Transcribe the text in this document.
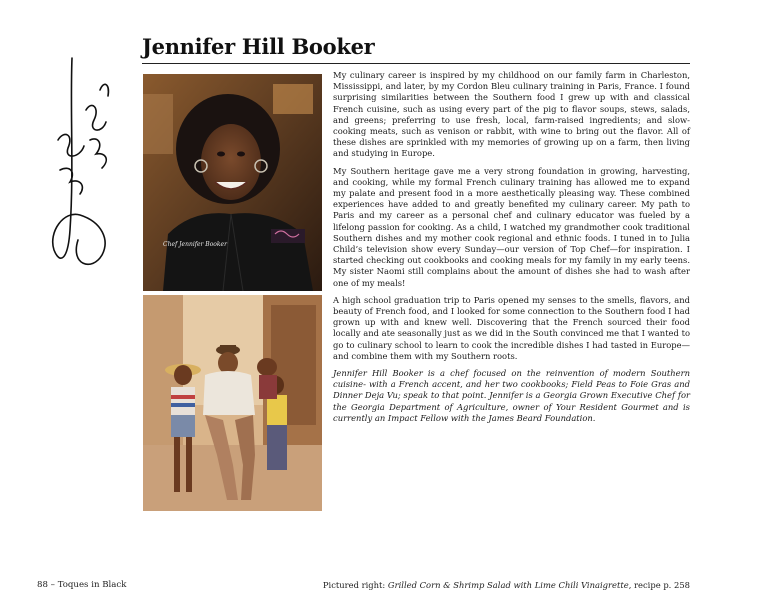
Jennifer Hill Booker
Chef Jennifer Booker

My culinary career is inspired by my childhood on our family farm in Charleston, Mississippi, and later, by my Cordon Bleu culinary training in Paris, France. I found surprising similarities between the Southern food I grew up with and classical French cuisine, such as using every part of the pig to flavor soups, stews, salads, and greens; preferring to use fresh, local, farm-raised ingredients; and slow-cooking meats, such as venison or rabbit, with wine to bring out the flavor. All of these dishes are sprinkled with my memories of growing up on a farm, then living and studying in Europe.

My Southern heritage gave me a very strong foundation in growing, harvesting, and cooking, while my formal French culinary training has allowed me to expand my palate and present food in a more aesthetically pleasing way. These combined experiences have added to and greatly benefited my culinary career. My path to Paris and my career as a personal chef and culinary educator was fueled by a lifelong passion for cooking. As a child, I watched my grandmother cook traditional Southern dishes and my mother cook regional and ethnic foods. I tuned in to Julia Child’s television show every Sunday—our version of Top Chef—for inspiration. I started checking out cookbooks and cooking meals for my family in my early teens. My sister Naomi still complains about the amount of dishes she had to wash after one of my meals!

A high school graduation trip to Paris opened my senses to the smells, flavors, and beauty of French food, and I looked for some connection to the Southern food I had grown up with and knew well. Discovering that the French sourced their food locally and ate seasonally just as we did in the South convinced me that I wanted to go to culinary school to learn to cook the incredible dishes I had tasted in Europe—and combine them with my Southern roots.

Jennifer Hill Booker is a chef focused on the reinvention of modern Southern cuisine- with a French accent, and her two cookbooks; Field Peas to Foie Gras and Dinner Deja Vu; speak to that point. Jennifer is a Georgia Grown Executive Chef for the Georgia Department of Agriculture, owner of Your Resident Gourmet and is currently an Impact Fellow with the James Beard Foundation.

88 – Toques in Black	Pictured right: Grilled Corn & Shrimp Salad with Lime Chili Vinaigrette, recipe p. 258
